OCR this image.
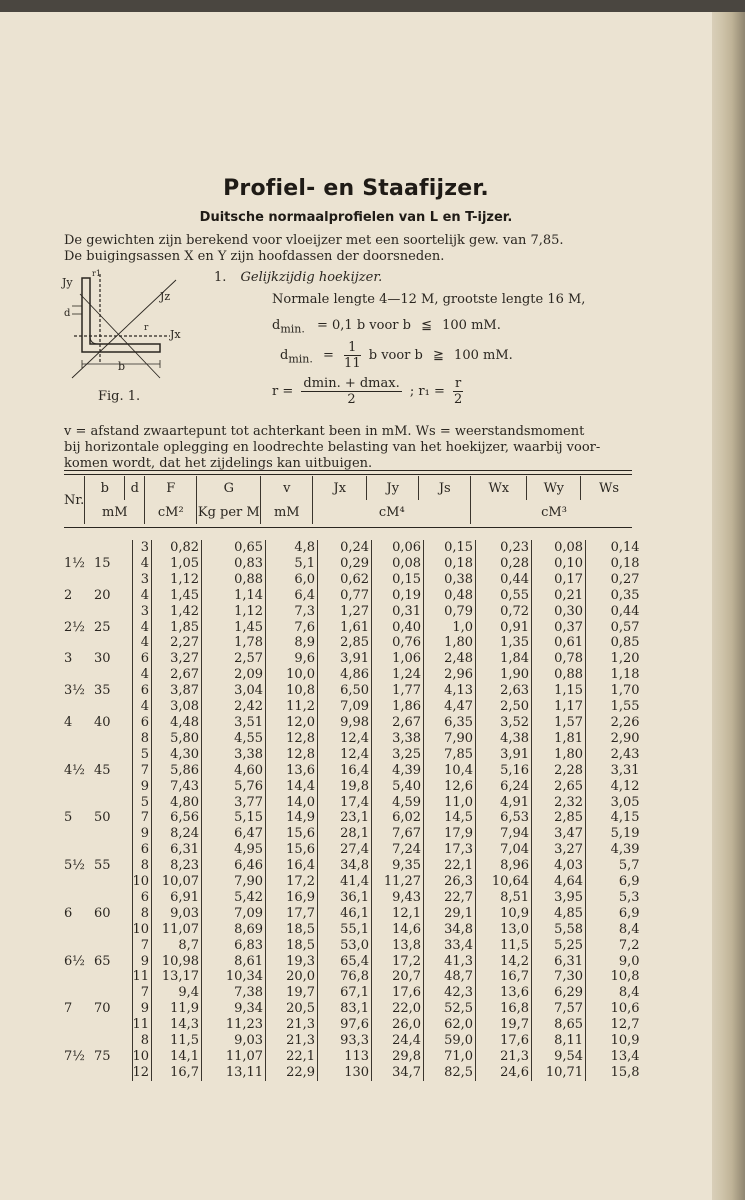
Profiel- en Staafijzer.
Duitsche normaalprofielen van L en T-ijzer.
De gewichten zijn berekend voor vloeijzer met een soortelijk gew. van 7,85.
De buigingsassen X en Y zijn hoofdassen der doorsneden.
Jy
r1
Jz
r Jx
d
b
Fig. 1.
1. Gelijkzijdig hoekijzer.
Normale lengte 4—12 M, grootste lengte 16 M,
$d_{min.} = 0,1$ b voor b ≦ 100 mM.
$d_{min.} = \frac{1}{11}$ b voor b ≧ 100 mM.
$r = \frac{dmin. + dmax.}{2}$ ; $r_1 = \frac{r}{2}$
v = afstand zwaartepunt tot achterkant been in mM. Ws = weerstandsmoment
bij horizontale oplegging en loodrechte belasting van het hoekijzer, waarbij voor-
komen wordt, dat het zijdelings kan uitbuigen.
Nr.	b	d	F	G	v	Jx	Jy	Js	Wx	Wy	Ws
	mM		cM²	Kg per M	mM	cM⁴			cM³		
		3	0,82	0,65	4,8	0,24	0,06	0,15	0,23	0,08	0,14
1½	15	4	1,05	0,83	5,1	0,29	0,08	0,18	0,28	0,10	0,18
		3	1,12	0,88	6,0	0,62	0,15	0,38	0,44	0,17	0,27
2	20	4	1,45	1,14	6,4	0,77	0,19	0,48	0,55	0,21	0,35
		3	1,42	1,12	7,3	1,27	0,31	0,79	0,72	0,30	0,44
2½	25	4	1,85	1,45	7,6	1,61	0,40	1,0	0,91	0,37	0,57
		4	2,27	1,78	8,9	2,85	0,76	1,80	1,35	0,61	0,85
3	30	6	3,27	2,57	9,6	3,91	1,06	2,48	1,84	0,78	1,20
		4	2,67	2,09	10,0	4,86	1,24	2,96	1,90	0,88	1,18
3½	35	6	3,87	3,04	10,8	6,50	1,77	4,13	2,63	1,15	1,70
		4	3,08	2,42	11,2	7,09	1,86	4,47	2,50	1,17	1,55
4	40	6	4,48	3,51	12,0	9,98	2,67	6,35	3,52	1,57	2,26
		8	5,80	4,55	12,8	12,4	3,38	7,90	4,38	1,81	2,90
		5	4,30	3,38	12,8	12,4	3,25	7,85	3,91	1,80	2,43
4½	45	7	5,86	4,60	13,6	16,4	4,39	10,4	5,16	2,28	3,31
		9	7,43	5,76	14,4	19,8	5,40	12,6	6,24	2,65	4,12
		5	4,80	3,77	14,0	17,4	4,59	11,0	4,91	2,32	3,05
5	50	7	6,56	5,15	14,9	23,1	6,02	14,5	6,53	2,85	4,15
		9	8,24	6,47	15,6	28,1	7,67	17,9	7,94	3,47	5,19
		6	6,31	4,95	15,6	27,4	7,24	17,3	7,04	3,27	4,39
5½	55	8	8,23	6,46	16,4	34,8	9,35	22,1	8,96	4,03	5,7
		10	10,07	7,90	17,2	41,4	11,27	26,3	10,64	4,64	6,9
		6	6,91	5,42	16,9	36,1	9,43	22,7	8,51	3,95	5,3
6	60	8	9,03	7,09	17,7	46,1	12,1	29,1	10,9	4,85	6,9
		10	11,07	8,69	18,5	55,1	14,6	34,8	13,0	5,58	8,4
		7	8,7	6,83	18,5	53,0	13,8	33,4	11,5	5,25	7,2
6½	65	9	10,98	8,61	19,3	65,4	17,2	41,3	14,2	6,31	9,0
		11	13,17	10,34	20,0	76,8	20,7	48,7	16,7	7,30	10,8
		7	9,4	7,38	19,7	67,1	17,6	42,3	13,6	6,29	8,4
7	70	9	11,9	9,34	20,5	83,1	22,0	52,5	16,8	7,57	10,6
		11	14,3	11,23	21,3	97,6	26,0	62,0	19,7	8,65	12,7
		8	11,5	9,03	21,3	93,3	24,4	59,0	17,6	8,11	10,9
7½	75	10	14,1	11,07	22,1	113	29,8	71,0	21,3	9,54	13,4
		12	16,7	13,11	22,9	130	34,7	82,5	24,6	10,71	15,8
